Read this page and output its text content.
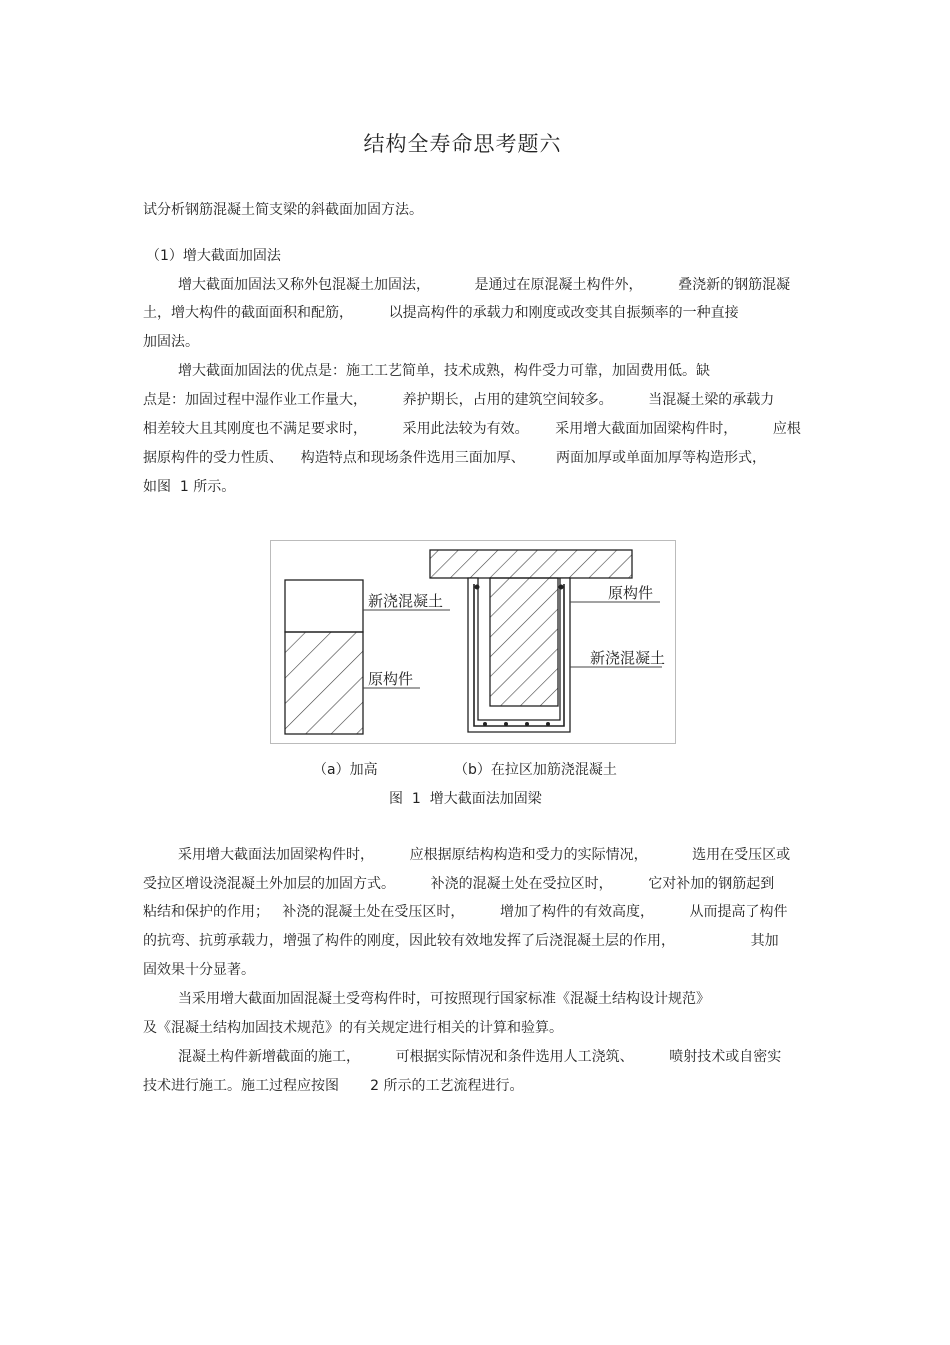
结构全寿命思考题六
试分析钢筋混凝土简支梁的斜截面加固方法。
（1）增大截面加固法
增大截面加固法又称外包混凝土加固法，          是通过在原混凝土构件外，        叠浇新的钢筋混凝
土，增大构件的截面面积和配筋，        以提高构件的承载力和刚度或改变其自振频率的一种直接
加固法。
增大截面加固法的优点是：施工工艺简单，技术成熟，构件受力可靠，加固费用低。缺
点是：加固过程中湿作业工作量大，        养护期长，占用的建筑空间较多。        当混凝土梁的承载力
相差较大且其刚度也不满足要求时，        采用此法较为有效。      采用增大截面加固梁构件时，        应根
据原构件的受力性质、    构造特点和现场条件选用三面加厚、       两面加厚或单面加厚等构造形式，
如图  1 所示。
新浇混凝土
原构件
原构件
新浇混凝土
（a）加高	（b）在拉区加筋浇混凝土
图  1  增大截面法加固梁
采用增大截面法加固梁构件时，        应根据原结构构造和受力的实际情况，          选用在受压区或
受拉区增设浇混凝土外加层的加固方式。        补浇的混凝土处在受拉区时，        它对补加的钢筋起到
粘结和保护的作用；   补浇的混凝土处在受压区时，        增加了构件的有效高度，        从而提高了构件
的抗弯、抗剪承载力，增强了构件的刚度，因此较有效地发挥了后浇混凝土层的作用，                 其加
固效果十分显著。
当采用增大截面加固混凝土受弯构件时，可按照现行国家标准《混凝土结构设计规范》
及《混凝土结构加固技术规范》的有关规定进行相关的计算和验算。
混凝土构件新增截面的施工，        可根据实际情况和条件选用人工浇筑、        喷射技术或自密实
技术进行施工。施工过程应按图       2 所示的工艺流程进行。
